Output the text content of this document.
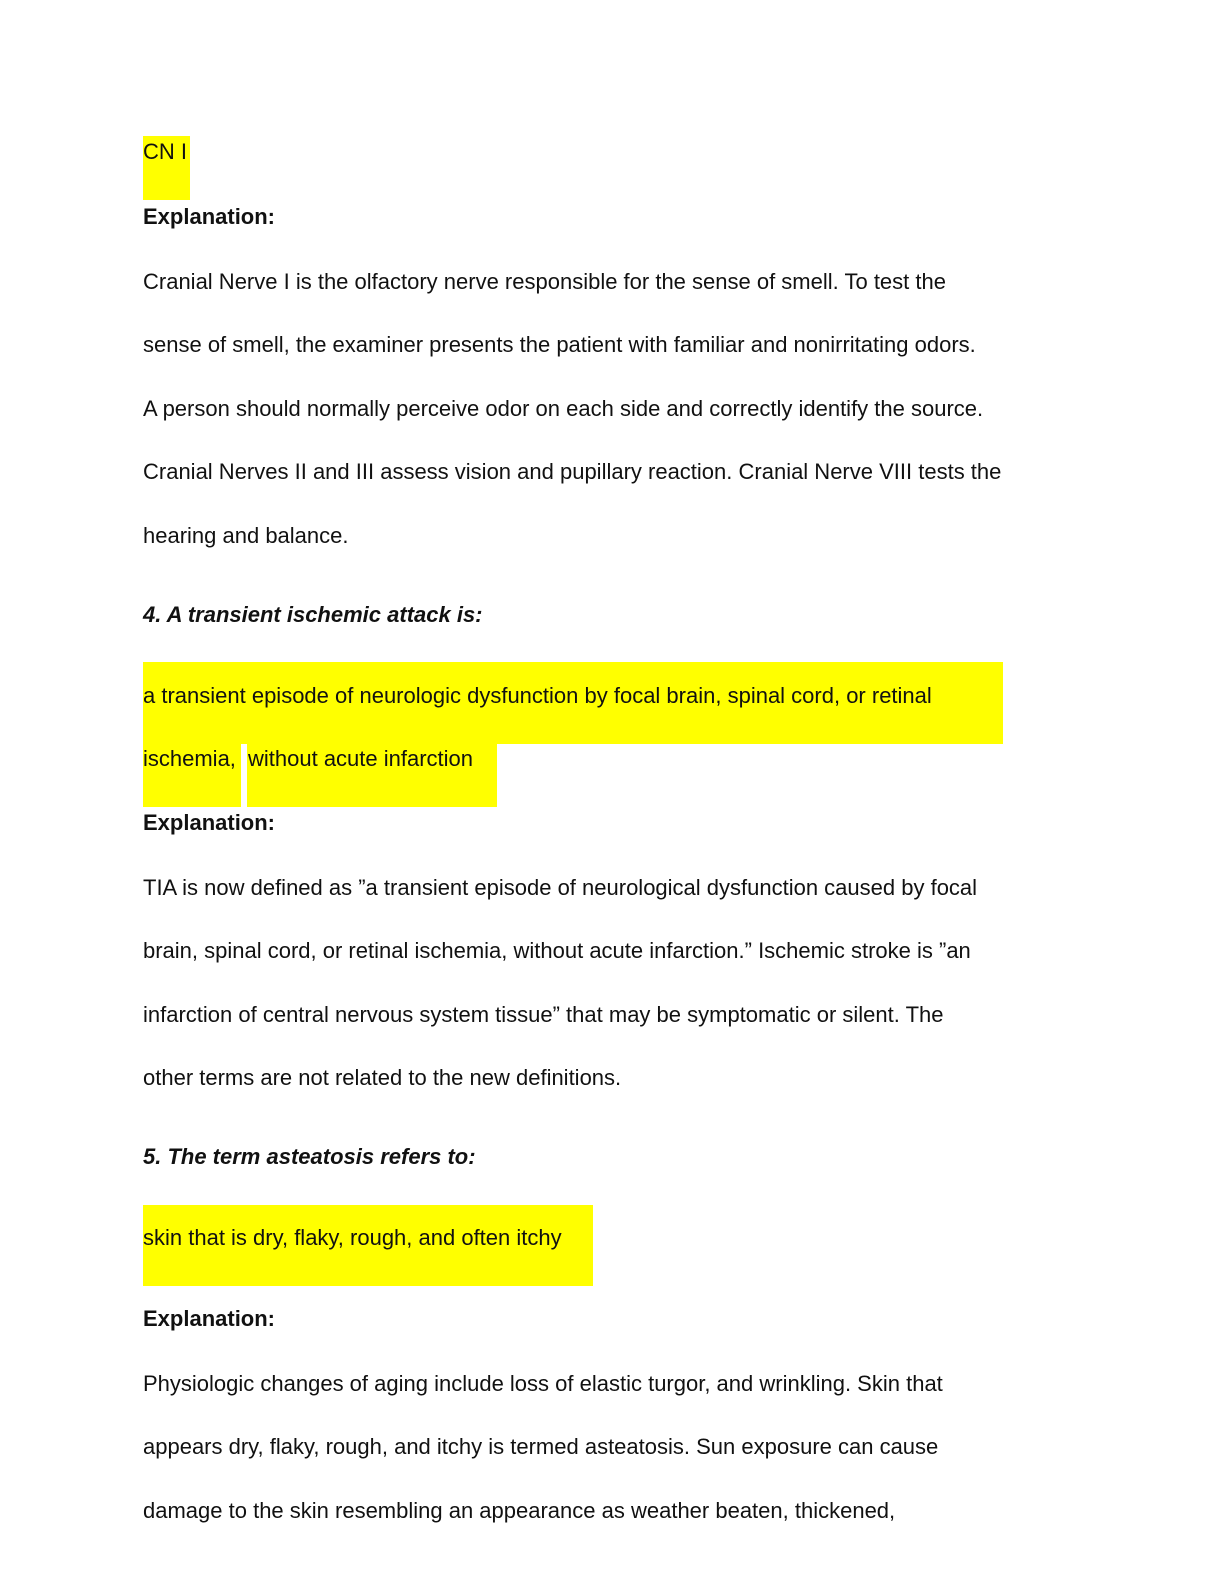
CN I
Explanation:
Cranial Nerve I is the olfactory nerve responsible for the sense of smell. To test the
sense of smell, the examiner presents the patient with familiar and nonirritating odors.
A person should normally perceive odor on each side and correctly identify the source.
Cranial Nerves II and III assess vision and pupillary reaction. Cranial Nerve VIII tests the
hearing and balance.
4. A transient ischemic attack is:
a transient episode of neurologic dysfunction by focal brain, spinal cord, or retinal
ischemia, without acute infarction
Explanation:
TIA is now defined as ”a transient episode of neurological dysfunction caused by focal
brain, spinal cord, or retinal ischemia, without acute infarction.” Ischemic stroke is ”an
infarction of central nervous system tissue” that may be symptomatic or silent. The
other terms are not related to the new definitions.
5. The term asteatosis refers to:
skin that is dry, flaky, rough, and often itchy
Explanation:
Physiologic changes of aging include loss of elastic turgor, and wrinkling. Skin that
appears dry, flaky, rough, and itchy is termed asteatosis. Sun exposure can cause
damage to the skin resembling an appearance as weather beaten, thickened,
